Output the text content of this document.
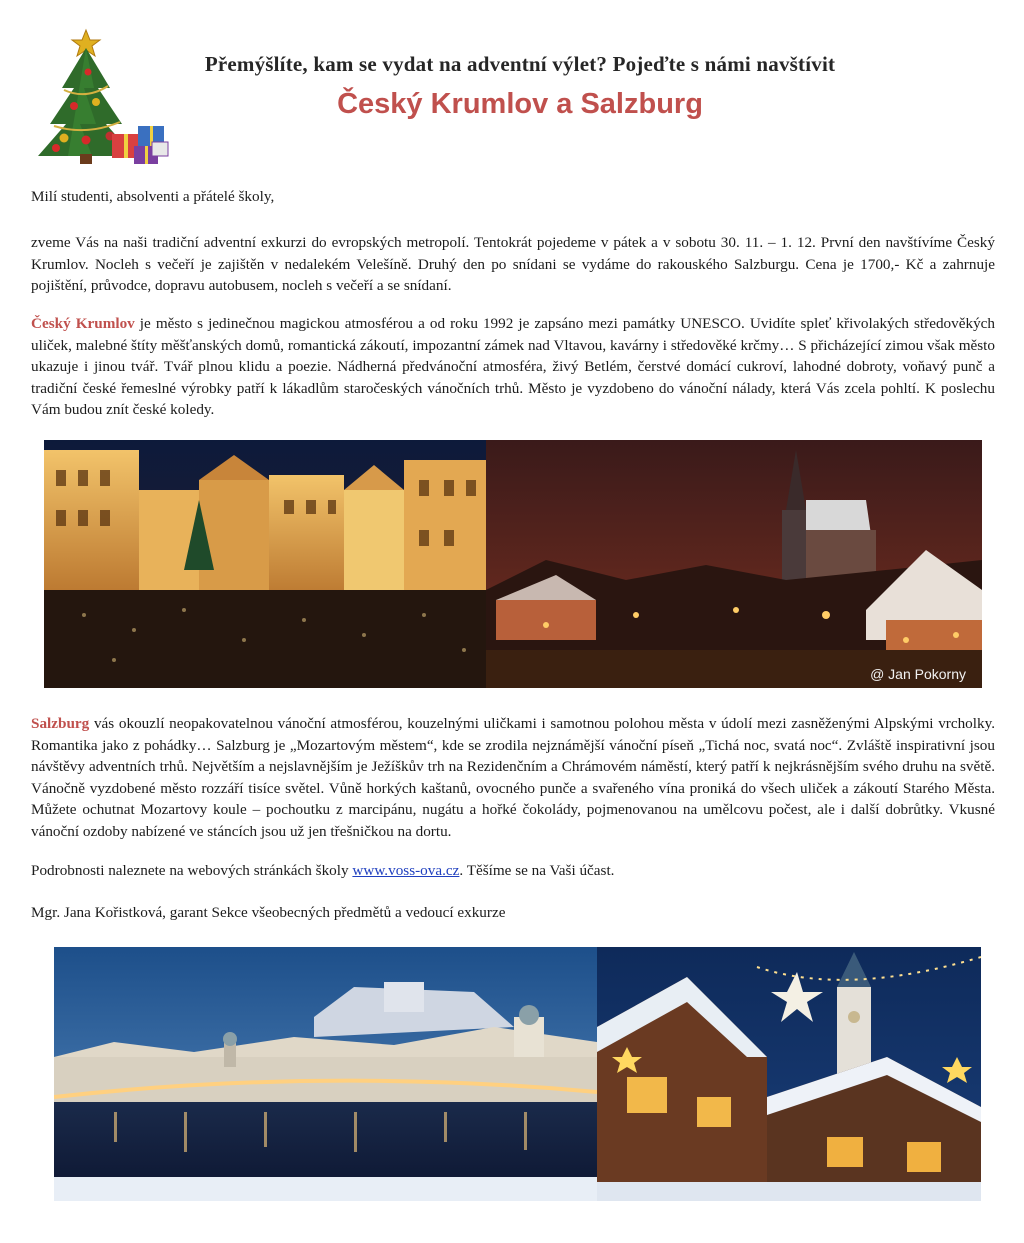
Přemýšlíte, kam se vydat na adventní výlet? Pojeďte s námi navštívit
Český Krumlov a Salzburg
Milí studenti, absolventi a přátelé školy,
zveme Vás na naši tradiční adventní exkurzi do evropských metropolí. Tentokrát pojedeme v pátek a v sobotu 30. 11. – 1. 12. První den navštívíme Český Krumlov. Nocleh s večeří je zajištěn v nedalekém Velešíně. Druhý den po snídani se vydáme do rakouského Salzburgu. Cena je 1700,- Kč a zahrnuje pojištění, průvodce, dopravu autobusem, nocleh s večeří a se snídaní.
Český Krumlov je město s jedinečnou magickou atmosférou a od roku 1992 je zapsáno mezi památky UNESCO. Uvidíte spleť křivolakých středověkých uliček, malebné štíty měšťanských domů, romantická zákoutí, impozantní zámek nad Vltavou, kavárny i středověké krčmy… S přicházející zimou však město ukazuje i jinou tvář. Tvář plnou klidu a poezie. Nádherná předvánoční atmosféra, živý Betlém, čerstvé domácí cukroví, lahodné dobroty, voňavý punč a tradiční české řemeslné výrobky patří k lákadlům staročeských vánočních trhů. Město je vyzdobeno do vánoční nálady, která Vás zcela pohltí. K poslechu Vám budou znít české koledy.
@ Jan Pokorny
Salzburg vás okouzlí neopakovatelnou vánoční atmosférou, kouzelnými uličkami i samotnou polohou města v údolí mezi zasněženými Alpskými vrcholky. Romantika jako z pohádky… Salzburg je „Mozartovým městem“, kde se zrodila nejznámější vánoční píseň „Tichá noc, svatá noc“. Zvláště inspirativní jsou návštěvy adventních trhů. Největším a nejslavnějším je Ježíškův trh na Rezidenčním a Chrámovém náměstí, který patří k nejkrásnějším svého druhu na světě. Vánočně vyzdobené město rozzáří tisíce světel. Vůně horkých kaštanů, ovocného punče a svařeného vína proniká do všech uliček a zákoutí Starého Města. Můžete ochutnat Mozartovy koule – pochoutku z marcipánu, nugátu a hořké čokolády, pojmenovanou na umělcovu počest, ale i další dobrůtky. Vkusné vánoční ozdoby nabízené ve stáncích jsou už jen třešničkou na dortu.
Podrobnosti naleznete na webových stránkách školy www.voss-ova.cz. Těšíme se na Vaši účast.
Mgr. Jana Kořistková, garant Sekce všeobecných předmětů a vedoucí exkurze
